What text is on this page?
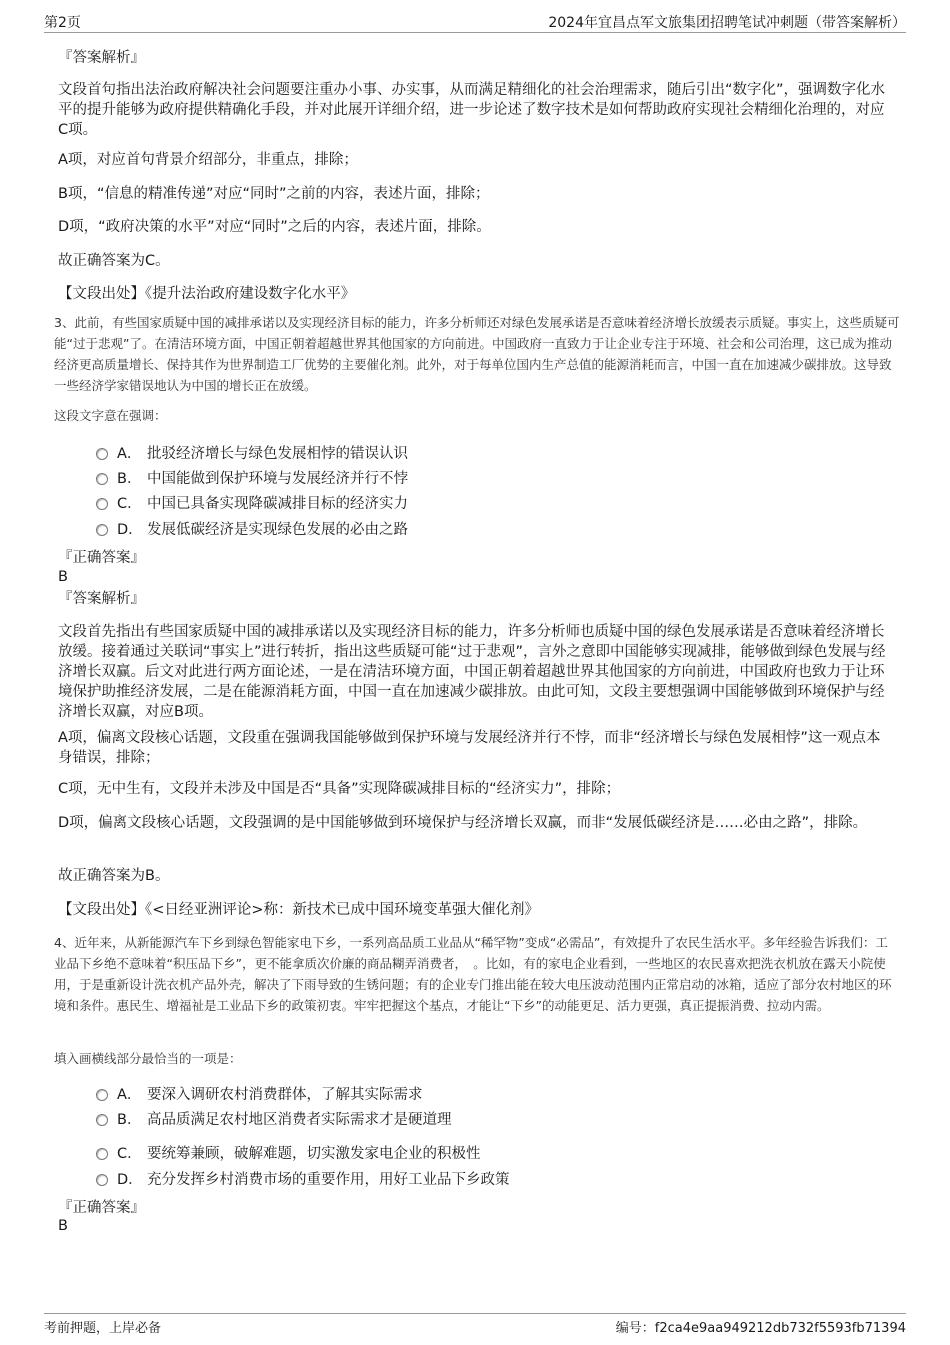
第2页	2024年宜昌点军文旅集团招聘笔试冲刺题（带答案解析）
『答案解析』
文段首句指出法治政府解决社会问题要注重办小事、办实事，从而满足精细化的社会治理需求，随后引出“数字化”，强调数字化水平的提升能够为政府提供精确化手段，并对此展开详细介绍，进一步论述了数字技术是如何帮助政府实现社会精细化治理的，对应C项。
A项，对应首句背景介绍部分，非重点，排除；
B项，“信息的精准传递”对应“同时”之前的内容，表述片面，排除；
D项，“政府决策的水平”对应“同时”之后的内容，表述片面，排除。
故正确答案为C。
【文段出处】《提升法治政府建设数字化水平》
3、此前，有些国家质疑中国的减排承诺以及实现经济目标的能力，许多分析师还对绿色发展承诺是否意味着经济增长放缓表示质疑。事实上，这些质疑可能“过于悲观”了。在清洁环境方面，中国正朝着超越世界其他国家的方向前进。中国政府一直致力于让企业专注于环境、社会和公司治理，这已成为推动经济更高质量增长、保持其作为世界制造工厂优势的主要催化剂。此外，对于每单位国内生产总值的能源消耗而言，中国一直在加速减少碳排放。这导致一些经济学家错误地认为中国的增长正在放缓。
这段文字意在强调：
A． 批驳经济增长与绿色发展相悖的错误认识
B． 中国能做到保护环境与发展经济并行不悖
C． 中国已具备实现降碳减排目标的经济实力
D． 发展低碳经济是实现绿色发展的必由之路
『正确答案』
B
『答案解析』
文段首先指出有些国家质疑中国的减排承诺以及实现经济目标的能力，许多分析师也质疑中国的绿色发展承诺是否意味着经济增长放缓。接着通过关联词“事实上”进行转折，指出这些质疑可能“过于悲观”，言外之意即中国能够实现减排，能够做到绿色发展与经济增长双赢。后文对此进行两方面论述，一是在清洁环境方面，中国正朝着超越世界其他国家的方向前进，中国政府也致力于让环境保护助推经济发展，二是在能源消耗方面，中国一直在加速减少碳排放。由此可知，文段主要想强调中国能够做到环境保护与经济增长双赢，对应B项。
A项，偏离文段核心话题，文段重在强调我国能够做到保护环境与发展经济并行不悖，而非“经济增长与绿色发展相悖”这一观点本身错误，排除；
C项，无中生有，文段并未涉及中国是否“具备”实现降碳减排目标的“经济实力”，排除；
D项，偏离文段核心话题，文段强调的是中国能够做到环境保护与经济增长双赢，而非“发展低碳经济是……必由之路”，排除。
故正确答案为B。
【文段出处】《<日经亚洲评论>称：新技术已成中国环境变革强大催化剂》
4、近年来，从新能源汽车下乡到绿色智能家电下乡，一系列高品质工业品从“稀罕物”变成“必需品”，有效提升了农民生活水平。多年经验告诉我们：工业品下乡绝不意味着“积压品下乡”，更不能拿质次价廉的商品糊弄消费者，　。比如，有的家电企业看到，一些地区的农民喜欢把洗衣机放在露天小院使用，于是重新设计洗衣机产品外壳，解决了下雨导致的生锈问题；有的企业专门推出能在较大电压波动范围内正常启动的冰箱，适应了部分农村地区的环境和条件。惠民生、增福祉是工业品下乡的政策初衷。牢牢把握这个基点，才能让“下乡”的动能更足、活力更强，真正提振消费、拉动内需。
填入画横线部分最恰当的一项是：
A． 要深入调研农村消费群体，了解其实际需求
B． 高品质满足农村地区消费者实际需求才是硬道理
C． 要统筹兼顾，破解难题，切实激发家电企业的积极性
D． 充分发挥乡村消费市场的重要作用，用好工业品下乡政策
『正确答案』
B
考前押题，上岸必备	编号：f2ca4e9aa949212db732f5593fb71394
